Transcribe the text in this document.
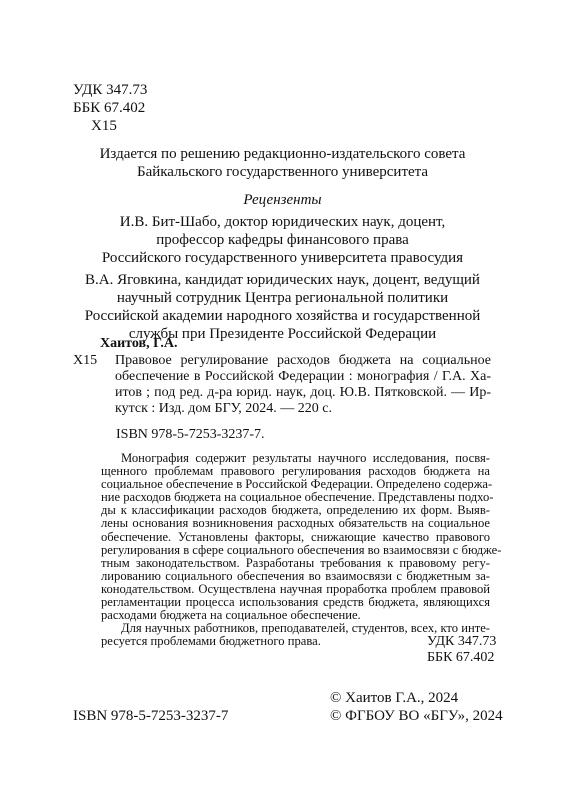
УДК 347.73
ББК 67.402
Х15
Издается по решению редакционно-издательского совета
Байкальского государственного университета
Рецензенты
И.В. Бит-Шабо, доктор юридических наук, доцент,
профессор кафедры финансового права
Российского государственного университета правосудия
В.А. Яговкина, кандидат юридических наук, доцент, ведущий
научный сотрудник Центра региональной политики
Российской академии народного хозяйства и государственной
службы при Президенте Российской Федерации
Хаитов, Г.А.
Х15 Правовое регулирование расходов бюджета на социальное
обеспечение в Российской Федерации : монография / Г.А. Ха-
итов ; под ред. д-ра юрид. наук, доц. Ю.В. Пятковской. — Ир-
кутск : Изд. дом БГУ, 2024. — 220 с.
ISBN 978-5-7253-3237-7.
Монография содержит результаты научного исследования, посвя-
щенного проблемам правового регулирования расходов бюджета на
социальное обеспечение в Российской Федерации. Определено содержа-
ние расходов бюджета на социальное обеспечение. Представлены подхо-
ды к классификации расходов бюджета, определению их форм. Выяв-
лены основания возникновения расходных обязательств на социальное
обеспечение. Установлены факторы, снижающие качество правового
регулирования в сфере социального обеспечения во взаимосвязи с бюдже-
тным законодательством. Разработаны требования к правовому регу-
лированию социального обеспечения во взаимосвязи с бюджетным за-
конодательством. Осуществлена научная проработка проблем правовой
регламентации процесса использования средств бюджета, являющихся
расходами бюджета на социальное обеспечение.
Для научных работников, преподавателей, студентов, всех, кто инте-
ресуется проблемами бюджетного права.	УДК 347.73
ББК 67.402
ISBN 978-5-7253-3237-7
© Хаитов Г.А., 2024
© ФГБОУ ВО «БГУ», 2024
